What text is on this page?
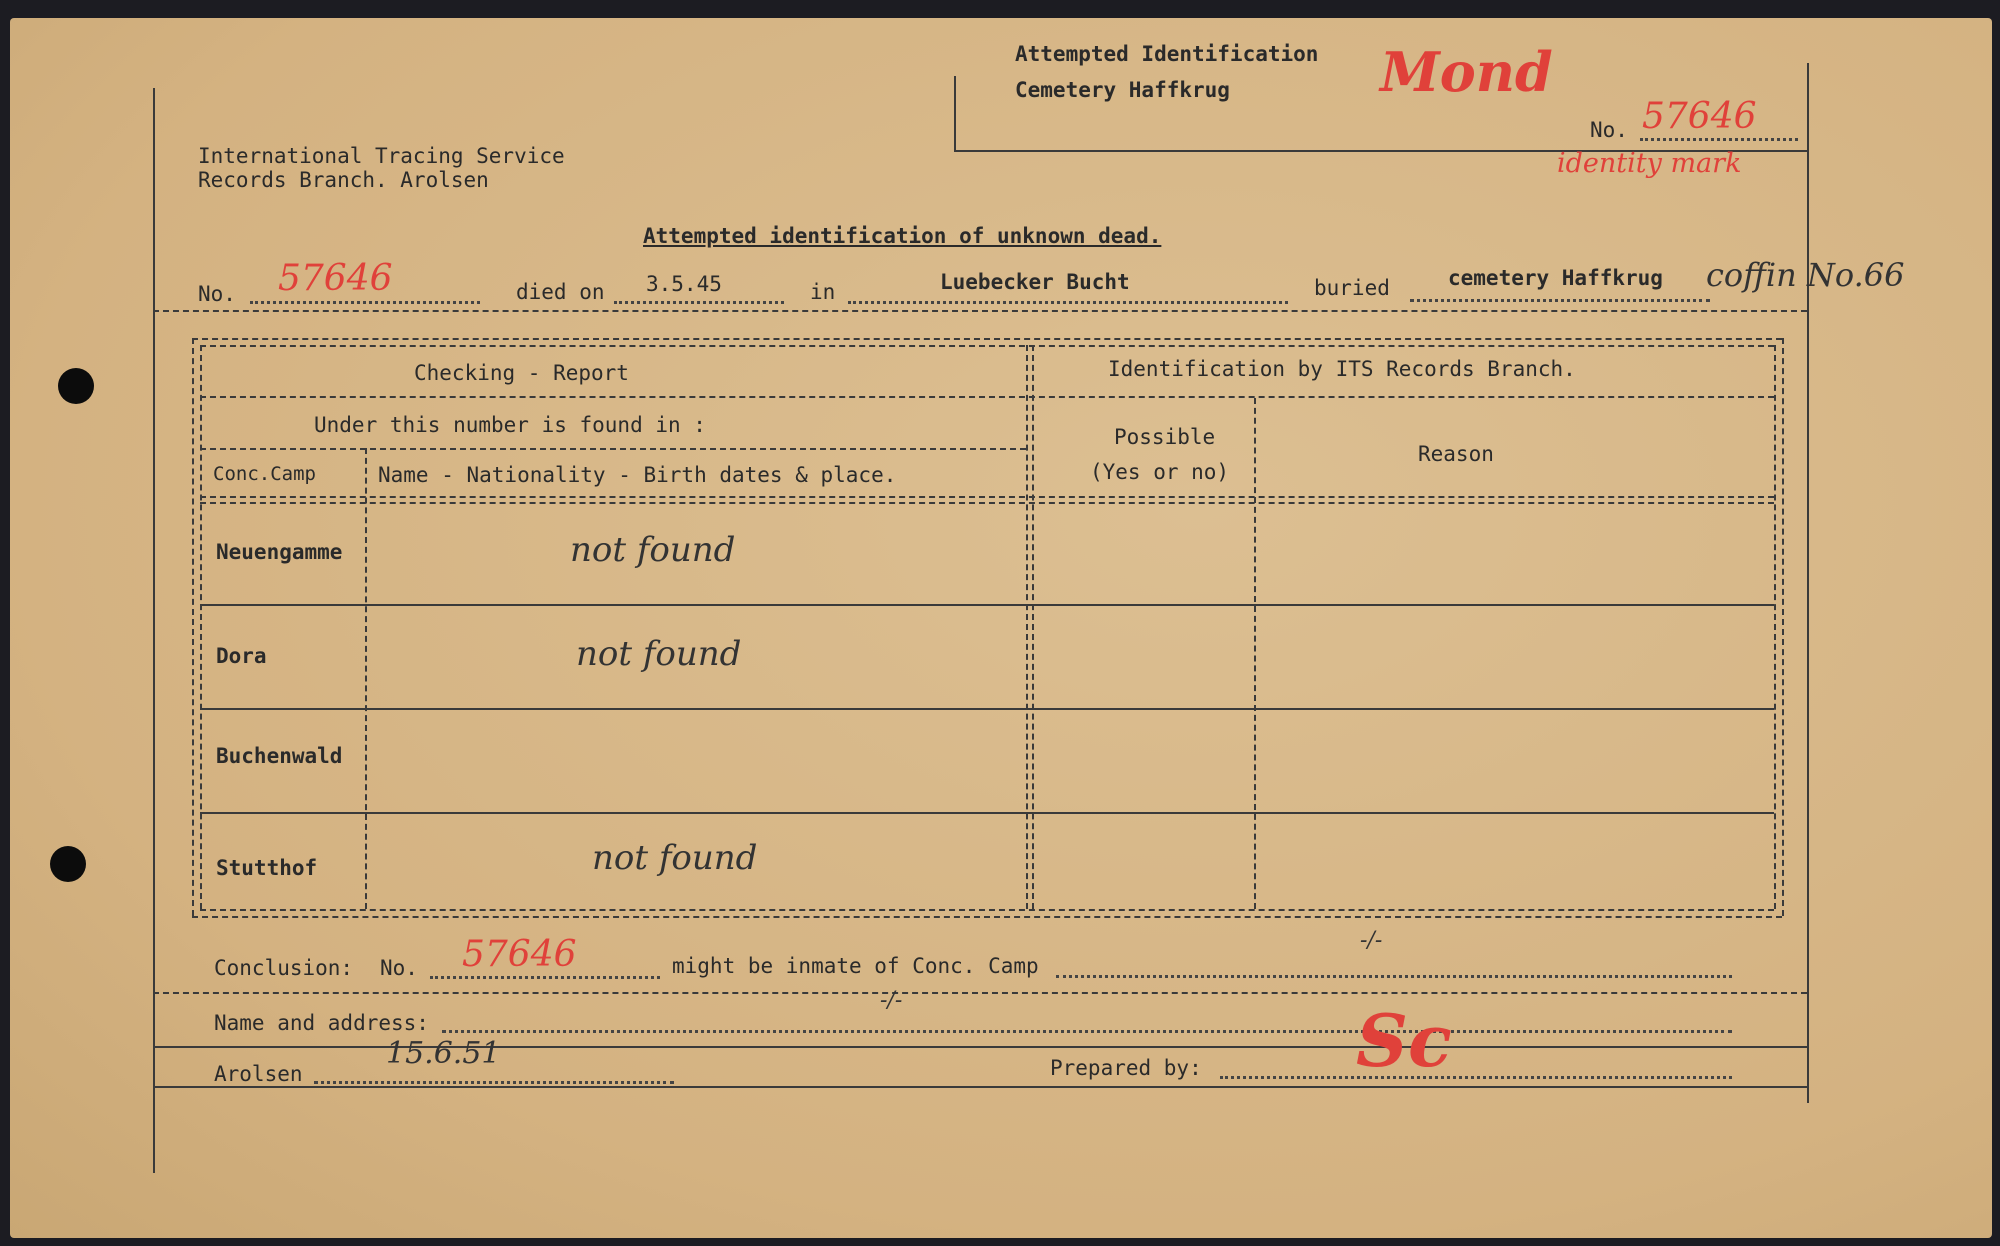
Attempted Identification
Cemetery Haffkrug	Mond
No. 57646
identity mark
International Tracing Service
Records Branch. Arolsen
Attempted identification of unknown dead.
No. 57646	died on 3.5.45	in	Luebecker Bucht	buried	cemetery Haffkrug coffin No.66
Checking - Report
Under this number is found in :
Conc.Camp	Name - Nationality - Birth dates & place.
Identification by ITS Records Branch.
Possible
(Yes or no)
Reason
Neuengamme	not found
Dora	not found
Buchenwald
Stutthof	not found
Conclusion: No. 57646	might be inmate of Conc. Camp
-/-
Name and address:
-/-
Arolsen
15.6.51	Prepared by: Sc
